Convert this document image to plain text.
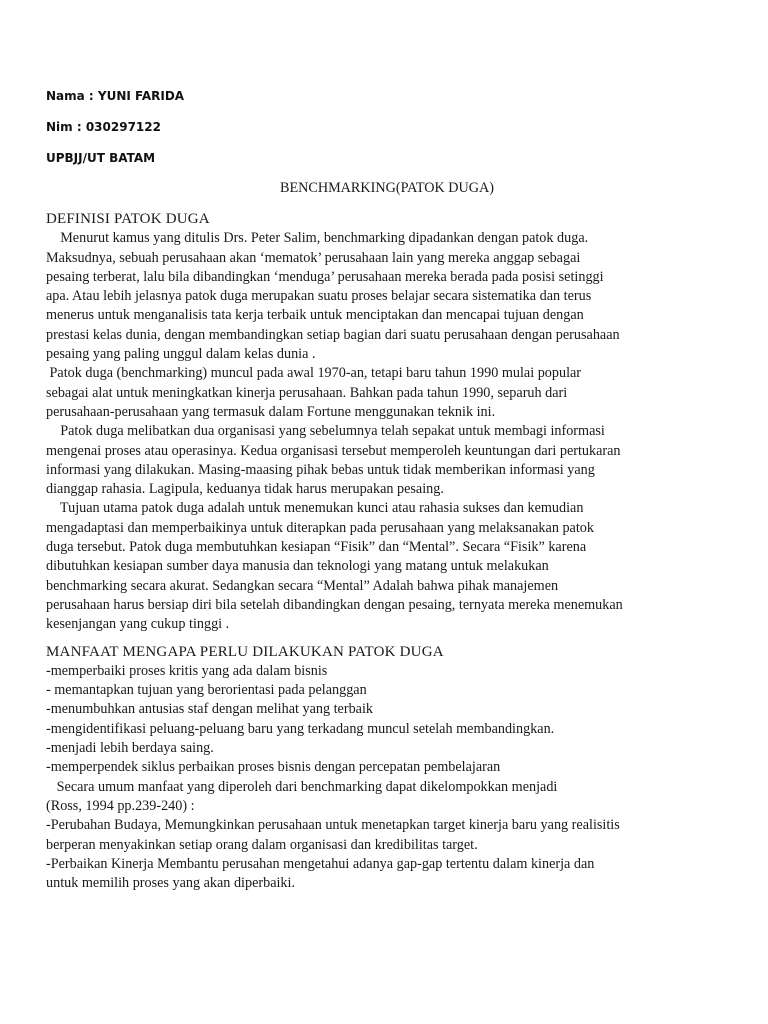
Nama : YUNI FARIDA
Nim : 030297122
UPBJJ/UT BATAM
BENCHMARKING(PATOK DUGA)
DEFINISI PATOK DUGA
Menurut kamus yang ditulis Drs. Peter Salim, benchmarking dipadankan dengan patok duga.
Maksudnya, sebuah perusahaan akan ‘mematok’ perusahaan lain yang mereka anggap sebagai
pesaing terberat, lalu bila dibandingkan ‘menduga’ perusahaan mereka berada pada posisi setinggi
apa. Atau lebih jelasnya patok duga merupakan suatu proses belajar secara sistematika dan terus
menerus untuk menganalisis tata kerja terbaik untuk menciptakan dan mencapai tujuan dengan
prestasi kelas dunia, dengan membandingkan setiap bagian dari suatu perusahaan dengan perusahaan
pesaing yang paling unggul dalam kelas dunia .
Patok duga (benchmarking) muncul pada awal 1970-an, tetapi baru tahun 1990 mulai popular
sebagai alat untuk meningkatkan kinerja perusahaan. Bahkan pada tahun 1990, separuh dari
perusahaan-perusahaan yang termasuk dalam Fortune menggunakan teknik ini.
Patok duga melibatkan dua organisasi yang sebelumnya telah sepakat untuk membagi informasi
mengenai proses atau operasinya. Kedua organisasi tersebut memperoleh keuntungan dari pertukaran
informasi yang dilakukan. Masing-maasing pihak bebas untuk tidak memberikan informasi yang
dianggap rahasia. Lagipula, keduanya tidak harus merupakan pesaing.
Tujuan utama patok duga adalah untuk menemukan kunci atau rahasia sukses dan kemudian
mengadaptasi dan memperbaikinya untuk diterapkan pada perusahaan yang melaksanakan patok
duga tersebut. Patok duga membutuhkan kesiapan “Fisik” dan “Mental”. Secara “Fisik” karena
dibutuhkan kesiapan sumber daya manusia dan teknologi yang matang untuk melakukan
benchmarking secara akurat. Sedangkan secara “Mental” Adalah bahwa pihak manajemen
perusahaan harus bersiap diri bila setelah dibandingkan dengan pesaing, ternyata mereka menemukan
kesenjangan yang cukup tinggi .
MANFAAT MENGAPA PERLU DILAKUKAN PATOK DUGA
-memperbaiki proses kritis yang ada dalam bisnis
- memantapkan tujuan yang berorientasi pada pelanggan
-menumbuhkan antusias staf dengan melihat yang terbaik
-mengidentifikasi peluang-peluang baru yang terkadang muncul setelah membandingkan.
-menjadi lebih berdaya saing.
-memperpendek siklus perbaikan proses bisnis dengan percepatan pembelajaran
Secara umum manfaat yang diperoleh dari benchmarking dapat dikelompokkan menjadi
(Ross, 1994 pp.239-240) :
-Perubahan Budaya, Memungkinkan perusahaan untuk menetapkan target kinerja baru yang realisitis
berperan menyakinkan setiap orang dalam organisasi dan kredibilitas target.
-Perbaikan Kinerja Membantu perusahan mengetahui adanya gap-gap tertentu dalam kinerja dan
untuk memilih proses yang akan diperbaiki.
